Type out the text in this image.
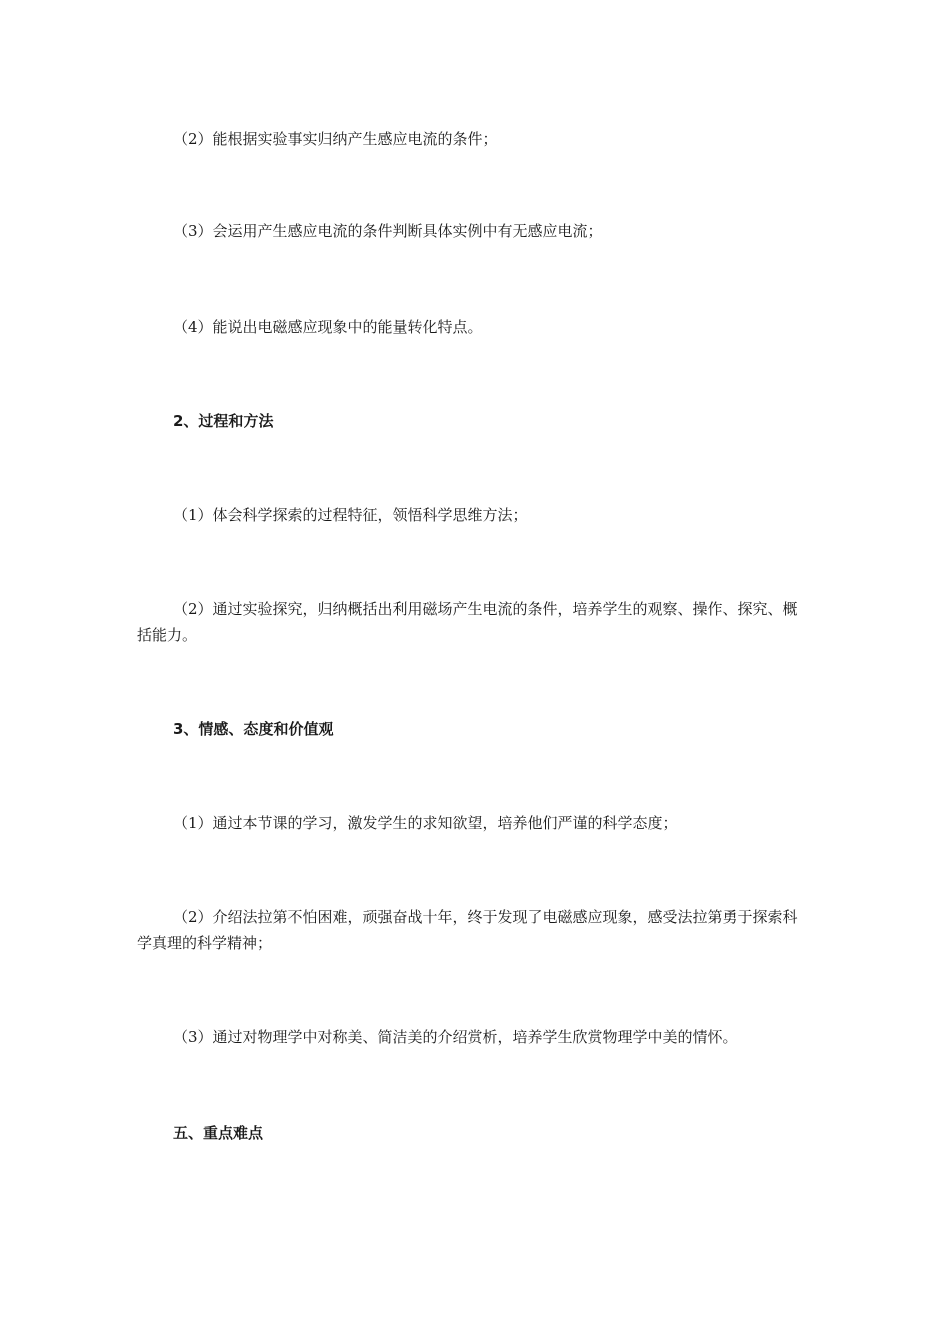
（2）能根据实验事实归纳产生感应电流的条件；
（3）会运用产生感应电流的条件判断具体实例中有无感应电流；
（4）能说出电磁感应现象中的能量转化特点。
2、过程和方法
（1）体会科学探索的过程特征，领悟科学思维方法；
（2）通过实验探究，归纳概括出利用磁场产生电流的条件，培养学生的观察、操作、探究、概括能力。
3、情感、态度和价值观
（1）通过本节课的学习，激发学生的求知欲望，培养他们严谨的科学态度；
（2）介绍法拉第不怕困难，顽强奋战十年，终于发现了电磁感应现象，感受法拉第勇于探索科学真理的科学精神；
（3）通过对物理学中对称美、简洁美的介绍赏析，培养学生欣赏物理学中美的情怀。
五、重点难点
